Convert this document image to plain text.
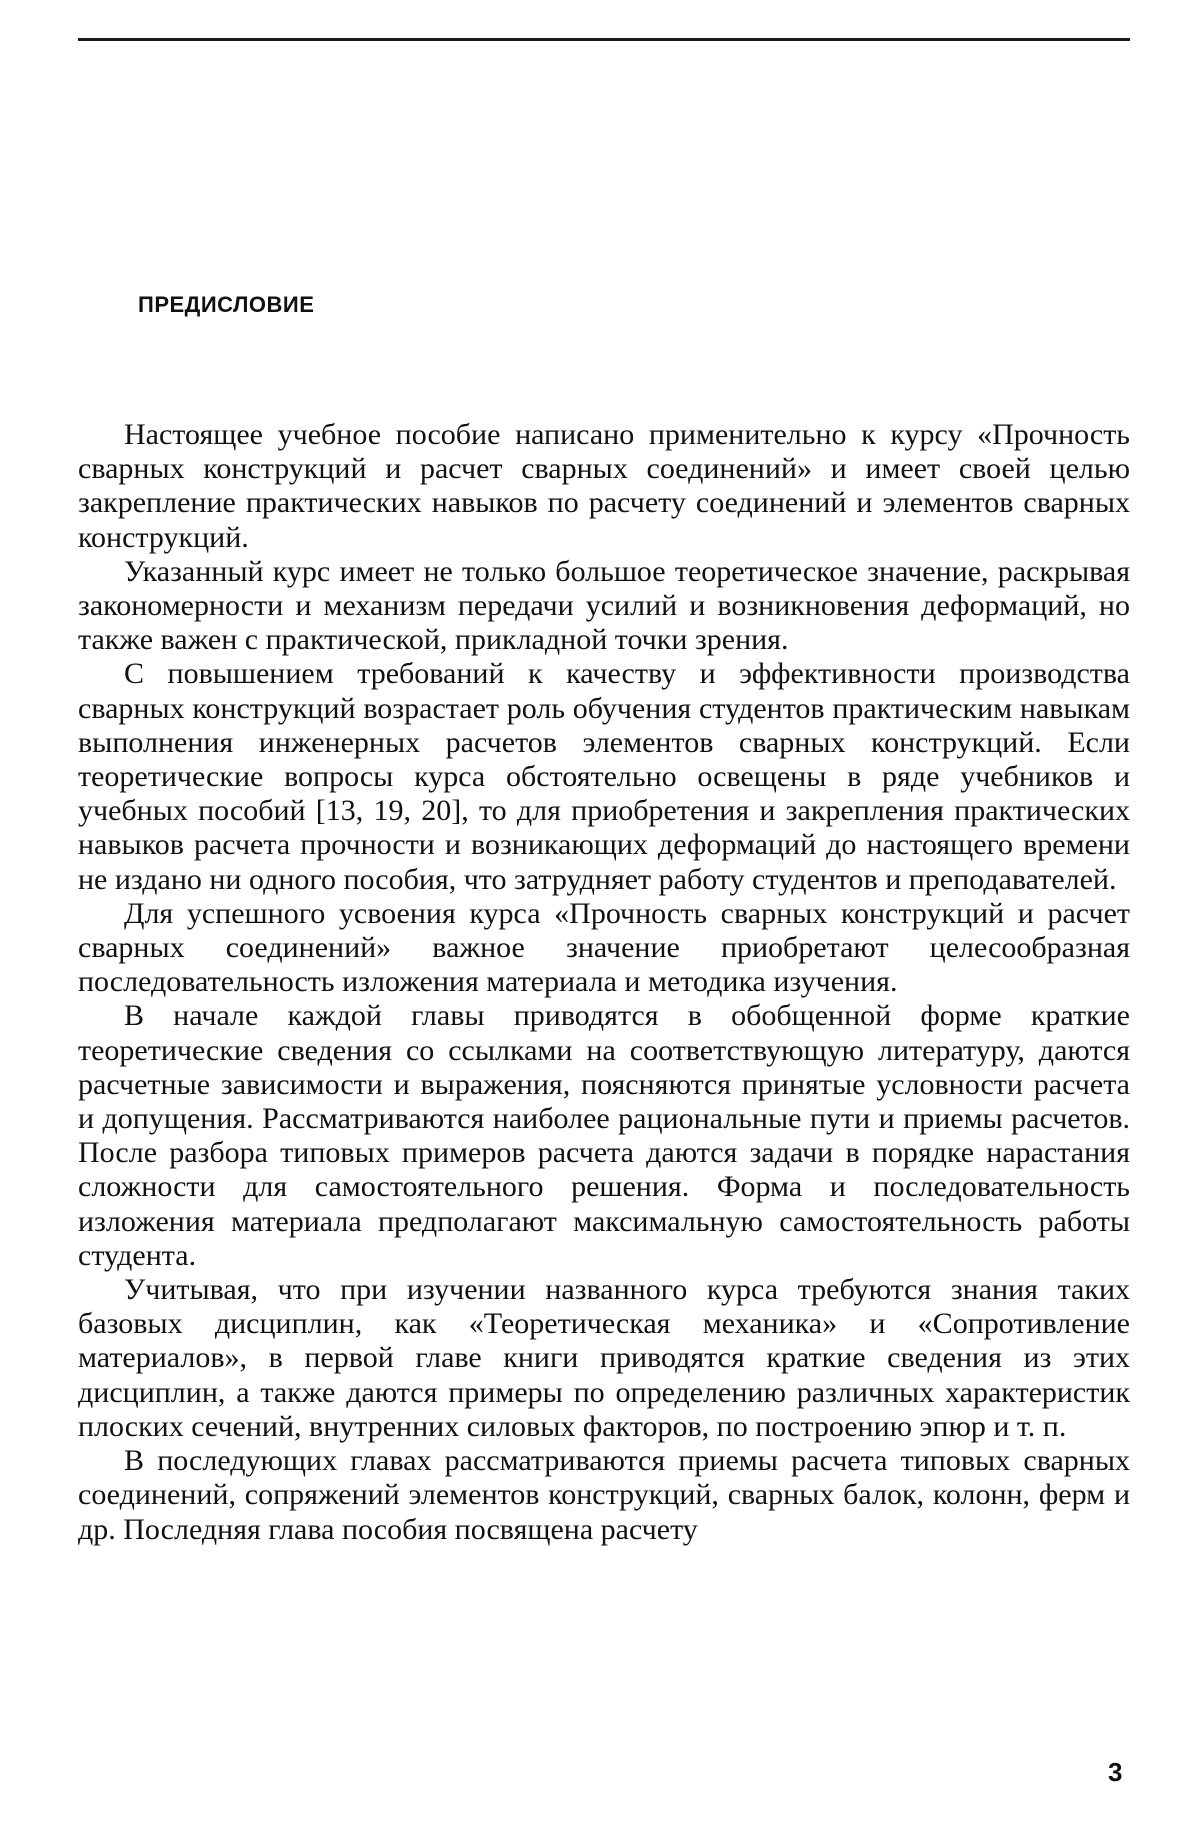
ПРЕДИСЛОВИЕ

Настоящее учебное пособие написано применительно к курсу «Прочность сварных конструкций и расчет сварных соединений» и имеет своей целью закрепление практических навыков по расчету соединений и элементов сварных конструкций.

Указанный курс имеет не только большое теоретическое значение, раскрывая закономерности и механизм передачи усилий и возникновения деформаций, но также важен с практической, прикладной точки зрения.

С повышением требований к качеству и эффективности производства сварных конструкций возрастает роль обучения студентов практическим навыкам выполнения инженерных расчетов элементов сварных конструкций. Если теоретические вопросы курса обстоятельно освещены в ряде учебников и учебных пособий [13, 19, 20], то для приобретения и закрепления практических навыков расчета прочности и возникающих деформаций до настоящего времени не издано ни одного пособия, что затрудняет работу студентов и преподавателей.

Для успешного усвоения курса «Прочность сварных конструкций и расчет сварных соединений» важное значение приобретают целесообразная последовательность изложения материала и методика изучения.

В начале каждой главы приводятся в обобщенной форме краткие теоретические сведения со ссылками на соответствующую литературу, даются расчетные зависимости и выражения, поясняются принятые условности расчета и допущения. Рассматриваются наиболее рациональные пути и приемы расчетов. После разбора типовых примеров расчета даются задачи в порядке нарастания сложности для самостоятельного решения. Форма и последовательность изложения материала предполагают максимальную самостоятельность работы студента.

Учитывая, что при изучении названного курса требуются знания таких базовых дисциплин, как «Теоретическая механика» и «Сопротивление материалов», в первой главе книги приводятся краткие сведения из этих дисциплин, а также даются примеры по определению различных характеристик плоских сечений, внутренних силовых факторов, по построению эпюр и т. п.

В последующих главах рассматриваются приемы расчета типовых сварных соединений, сопряжений элементов конструкций, сварных балок, колонн, ферм и др. Последняя глава пособия посвящена расчету

3
